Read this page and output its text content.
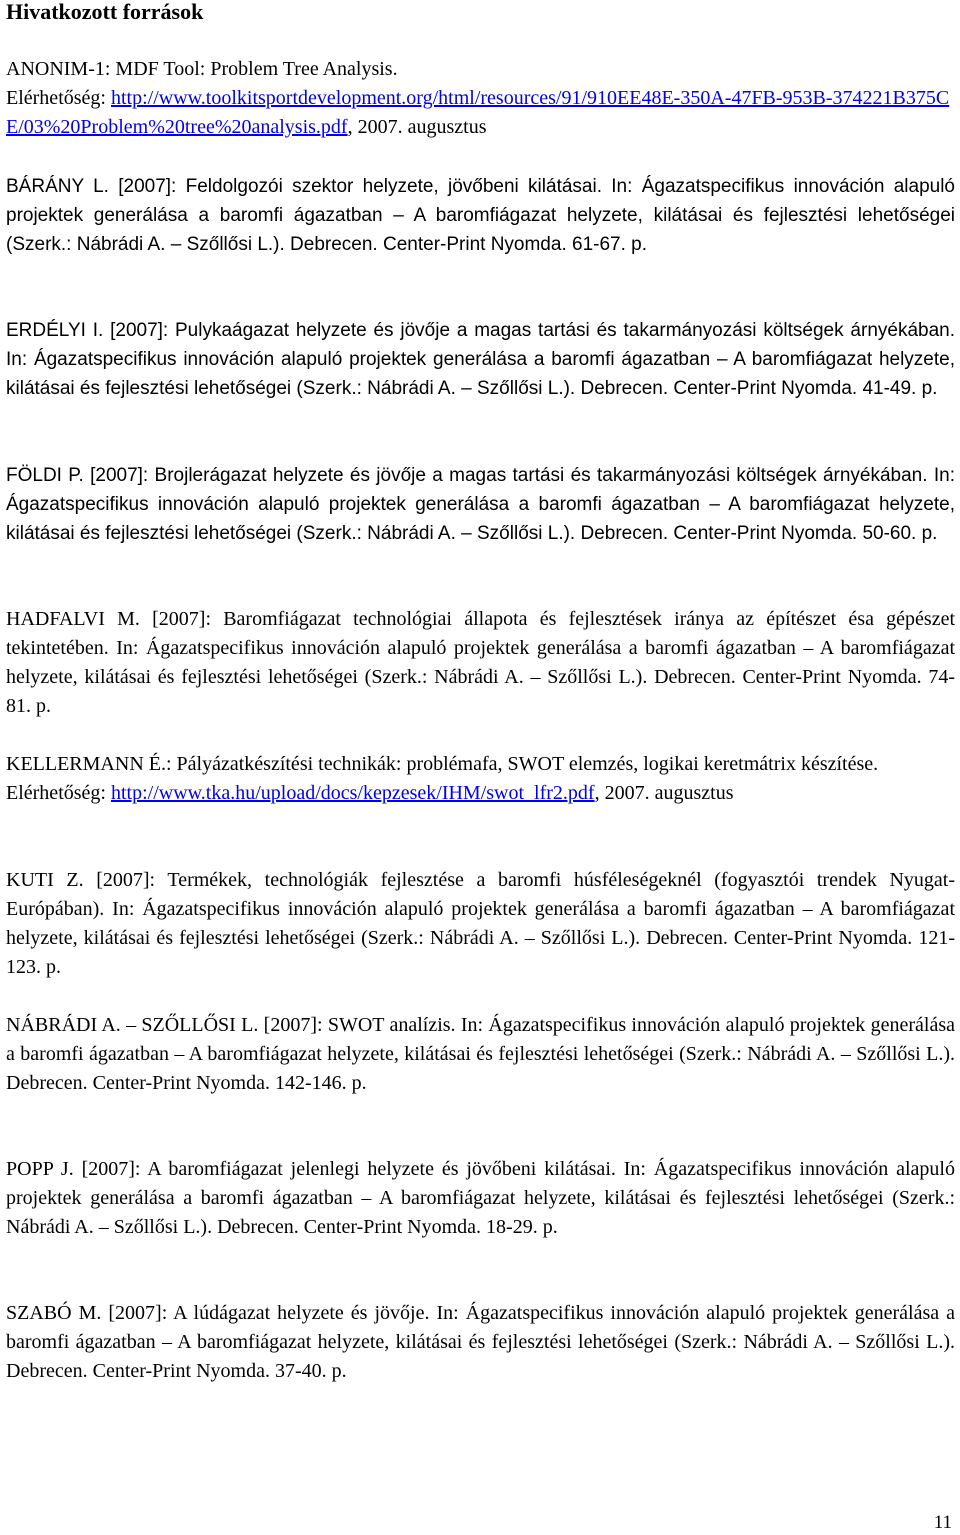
Hivatkozott források

ANONIM-1: MDF Tool: Problem Tree Analysis.

Elérhetőség: http://www.toolkitsportdevelopment.org/html/resources/91/910EE48E-350A-47FB-953B-374221B375CE/03%20Problem%20tree%20analysis.pdf, 2007. augusztus

BÁRÁNY L. [2007]: Feldolgozói szektor helyzete, jövőbeni kilátásai. In: Ágazatspecifikus innováción alapuló projektek generálása a baromfi ágazatban ‒ A baromfiágazat helyzete, kilátásai és fejlesztési lehetőségei (Szerk.: Nábrádi A. ‒ Szőllősi L.). Debrecen. Center-Print Nyomda. 61-67. p.

ERDÉLYI I. [2007]: Pulykaágazat helyzete és jövője a magas tartási és takarmányozási költségek árnyékában. In: Ágazatspecifikus innováción alapuló projektek generálása a baromfi ágazatban ‒ A baromfiágazat helyzete, kilátásai és fejlesztési lehetőségei (Szerk.: Nábrádi A. ‒ Szőllősi L.). Debrecen. Center-Print Nyomda. 41-49. p.

FÖLDI P. [2007]: Brojlerágazat helyzete és jövője a magas tartási és takarmányozási költségek árnyékában. In: Ágazatspecifikus innováción alapuló projektek generálása a baromfi ágazatban ‒ A baromfiágazat helyzete, kilátásai és fejlesztési lehetőségei (Szerk.: Nábrádi A. ‒ Szőllősi L.). Debrecen. Center-Print Nyomda. 50-60. p.

HADFALVI M. [2007]: Baromfiágazat technológiai állapota és fejlesztések iránya az építészet ésa gépészet tekintetében. In: Ágazatspecifikus innováción alapuló projektek generálása a baromfi ágazatban ‒ A baromfiágazat helyzete, kilátásai és fejlesztési lehetőségei (Szerk.: Nábrádi A. ‒ Szőllősi L.). Debrecen. Center-Print Nyomda. 74-81. p.

KELLERMANN É.: Pályázatkészítési technikák: problémafa, SWOT elemzés, logikai keretmátrix készítése.

Elérhetőség: http://www.tka.hu/upload/docs/kepzesek/IHM/swot_lfr2.pdf, 2007. augusztus

KUTI Z. [2007]: Termékek, technológiák fejlesztése a baromfi húsféleségeknél (fogyasztói trendek Nyugat-Európában). In: Ágazatspecifikus innováción alapuló projektek generálása a baromfi ágazatban ‒ A baromfiágazat helyzete, kilátásai és fejlesztési lehetőségei (Szerk.: Nábrádi A. ‒ Szőllősi L.). Debrecen. Center-Print Nyomda. 121-123. p.

NÁBRÁDI A. ‒ SZŐLLŐSI L. [2007]: SWOT analízis. In: Ágazatspecifikus innováción alapuló projektek generálása a baromfi ágazatban ‒ A baromfiágazat helyzete, kilátásai és fejlesztési lehetőségei (Szerk.: Nábrádi A. ‒ Szőllősi L.). Debrecen. Center-Print Nyomda. 142-146. p.

POPP J. [2007]: A baromfiágazat jelenlegi helyzete és jövőbeni kilátásai. In: Ágazatspecifikus innováción alapuló projektek generálása a baromfi ágazatban ‒ A baromfiágazat helyzete, kilátásai és fejlesztési lehetőségei (Szerk.: Nábrádi A. ‒ Szőllősi L.). Debrecen. Center-Print Nyomda. 18-29. p.

SZABÓ M. [2007]: A lúdágazat helyzete és jövője. In: Ágazatspecifikus innováción alapuló projektek generálása a baromfi ágazatban ‒ A baromfiágazat helyzete, kilátásai és fejlesztési lehetőségei (Szerk.: Nábrádi A. ‒ Szőllősi L.). Debrecen. Center-Print Nyomda. 37-40. p.

11
